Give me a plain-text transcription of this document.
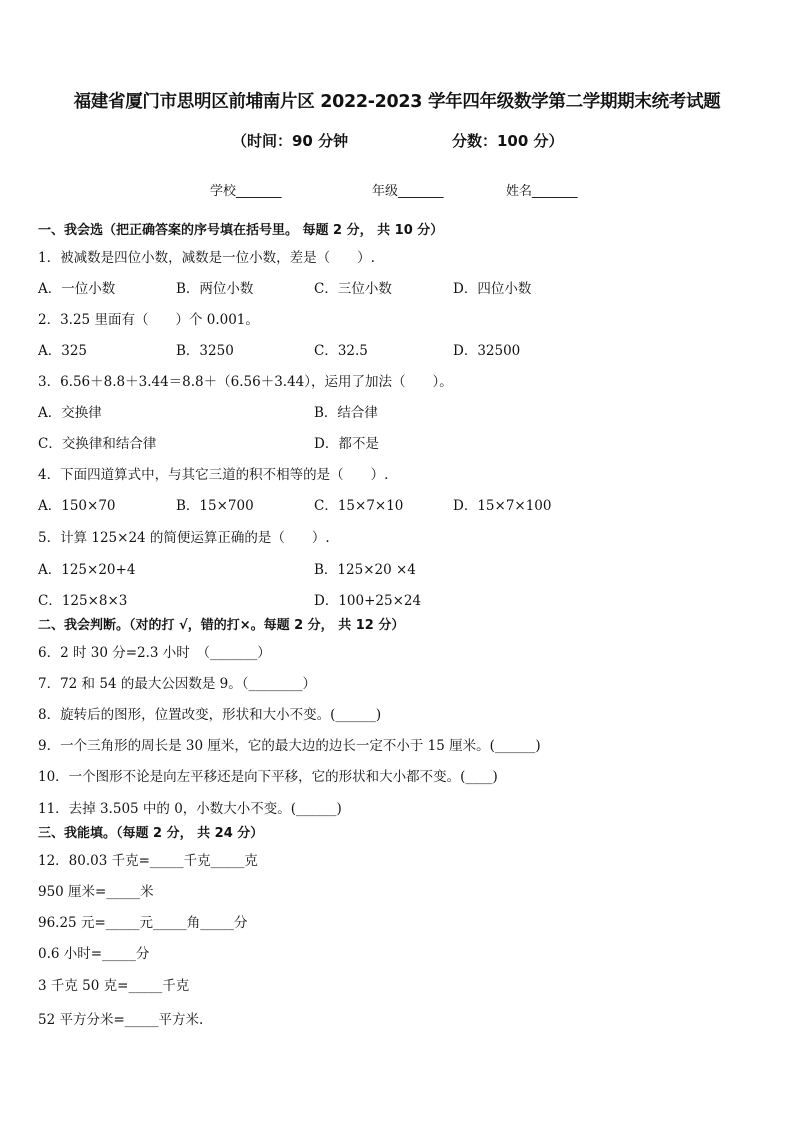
福建省厦门市思明区前埔南片区 2022-2023 学年四年级数学第二学期期末统考试题
（时间：90 分钟	分数：100 分）
学校_______	年级_______	姓名_______
一、我会选（把正确答案的序号填在括号里。 每题 2 分， 共 10 分）
1．被减数是四位小数，减数是一位小数，差是（　　）.
A．一位小数	B．两位小数	C．三位小数	D．四位小数
2．3.25 里面有（　　）个 0.001。
A．325	B．3250	C．32.5	D．32500
3．6.56＋8.8＋3.44＝8.8＋（6.56＋3.44），运用了加法（　　）。
A．交换律	B．结合律
C．交换律和结合律	D．都不是
4．下面四道算式中，与其它三道的积不相等的是（　　）.
A．150×70	B．15×700	C．15×7×10	D．15×7×100
5．计算 125×24 的简便运算正确的是（　　）.
A．125×20+4	B．125×20 ×4
C．125×8×3	D．100+25×24
二、我会判断。（对的打 √，错的打×。每题 2 分， 共 12 分）
6．2 时 30 分=2.3 小时　（_______）
7．72 和 54 的最大公因数是 9。（________）
8．旋转后的图形，位置改变，形状和大小不变。(______)
9．一个三角形的周长是 30 厘米，它的最大边的边长一定不小于 15 厘米。(______)
10．一个图形不论是向左平移还是向下平移，它的形状和大小都不变。(____)
11．去掉 3.505 中的 0，小数大小不变。(______)
三、我能填。（每题 2 分， 共 24 分）
12．80.03 千克=_____千克_____克
950 厘米=_____米
96.25 元=_____元_____角_____分
0.6 小时=_____分
3 千克 50 克=_____千克
52 平方分米=_____平方米.
